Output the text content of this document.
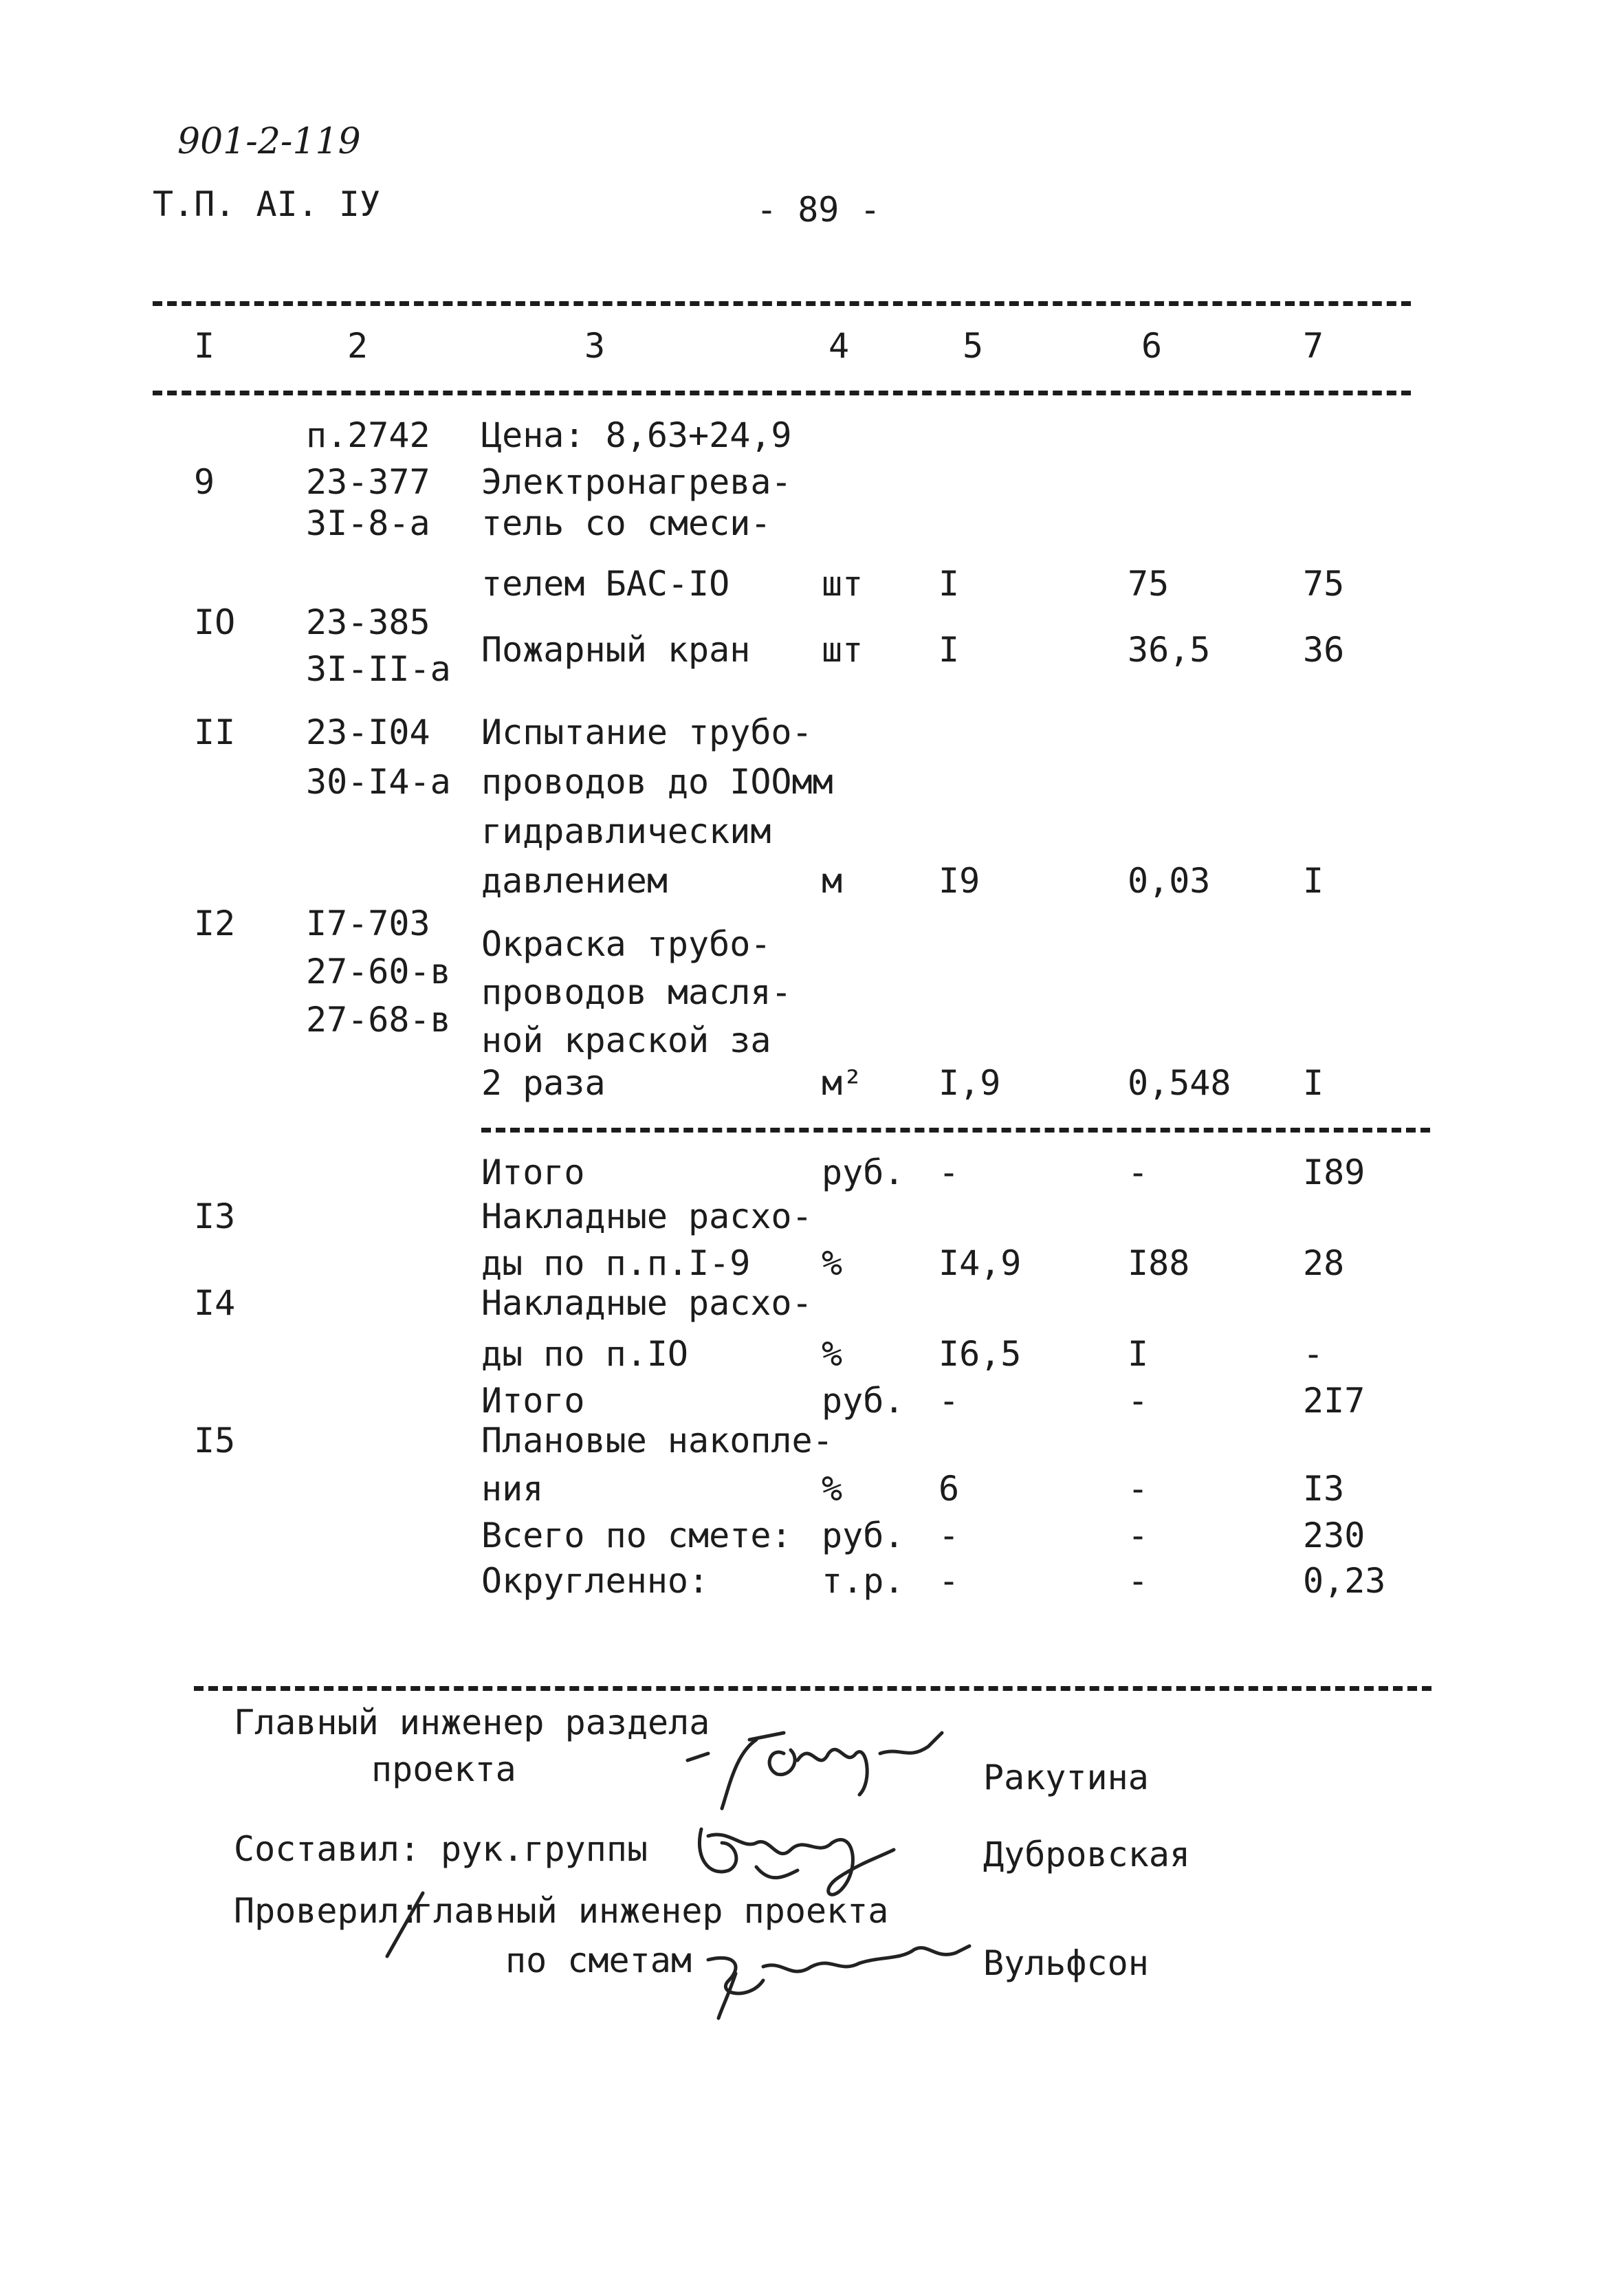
901-2-119
Т.П. АI. IУ	- 89 -
I	2	3	4	5	6	7
п.2742 Цена: 8,63+24,9
9	23-377 Электронагрева-
3I-8-а тель со смеси-
телем БАС-IО	шт I	75	75
IО 23-385
Пожарный кран шт I	36,5	36
3I-II-а
II 23-I04 Испытание трубо-
30-I4-а проводов до IООмм
гидравлическим
давлением	м	I9	0,03	I
I2 I7-703
Окраска трубо-
27-60-в
проводов масля-
27-68-в
ной краской за
2 раза	м² I,9	0,548 I
Итого	руб. -	-	I89
I3	Накладные расхо-
ды по п.п.I-9 %	I4,9	I88	28
I4	Накладные расхо-
ды по п.IО	%	I6,5	I	-
Итого	руб. -	-	2I7
I5	Плановые накопле-
ния	%	6	-	I3
Всего по смете: руб. -	-	230
Округленно:	т.р. -	-	0,23
Главный инженер раздела
проекта	Ракутина
Составил: рук.группы	Дубровская
Проверил:
главный инженер проекта
по сметам	Вульфсон
